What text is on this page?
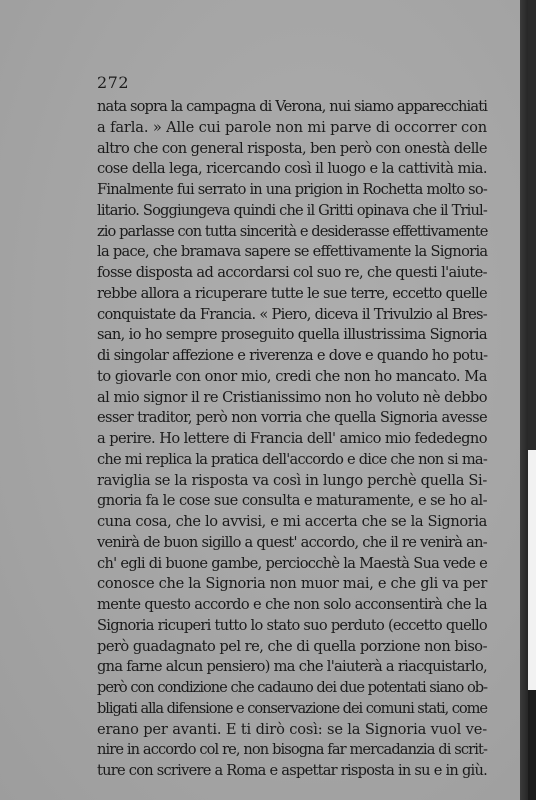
272
nata sopra la campagna di Verona, nui siamo apparecchiati
a farla. » Alle cui parole non mi parve di occorrer con
altro che con general risposta, ben però con onestà delle
cose della lega, ricercando così il luogo e la cattività mia.
Finalmente fui serrato in una prigion in Rochetta molto so-
litario. Soggiungeva quindi che il Gritti opinava che il Triul-
zio parlasse con tutta sincerità e desiderasse effettivamente
la pace, che bramava sapere se effettivamente la Signoria
fosse disposta ad accordarsi col suo re, che questi l'aiute-
rebbe allora a ricuperare tutte le sue terre, eccetto quelle
conquistate da Francia. « Piero, diceva il Trivulzio al Bres-
san, io ho sempre proseguito quella illustrissima Signoria
di singolar affezione e riverenza e dove e quando ho potu-
to giovarle con onor mio, credi che non ho mancato. Ma
al mio signor il re Cristianissimo non ho voluto nè debbo
esser traditor, però non vorria che quella Signoria avesse
a perire. Ho lettere di Francia dell' amico mio fededegno
che mi replica la pratica dell'accordo e dice che non si ma-
raviglia se la risposta va così in lungo perchè quella Si-
gnoria fa le cose sue consulta e maturamente, e se ho al-
cuna cosa, che lo avvisi, e mi accerta che se la Signoria
venirà de buon sigillo a quest' accordo, che il re venirà an-
ch' egli di buone gambe, perciocchè la Maestà Sua vede e
conosce che la Signoria non muor mai, e che gli va per
mente questo accordo e che non solo acconsentirà che la
Signoria ricuperi tutto lo stato suo perduto (eccetto quello
però guadagnato pel re, che di quella porzione non biso-
gna farne alcun pensiero) ma che l'aiuterà a riacquistarlo,
però con condizione che cadauno dei due potentati siano ob-
bligati alla difensione e conservazione dei comuni stati, come
erano per avanti. E ti dirò così: se la Signoria vuol ve-
nire in accordo col re, non bisogna far mercadanzia di scrit-
ture con scrivere a Roma e aspettar risposta in su e in giù.
